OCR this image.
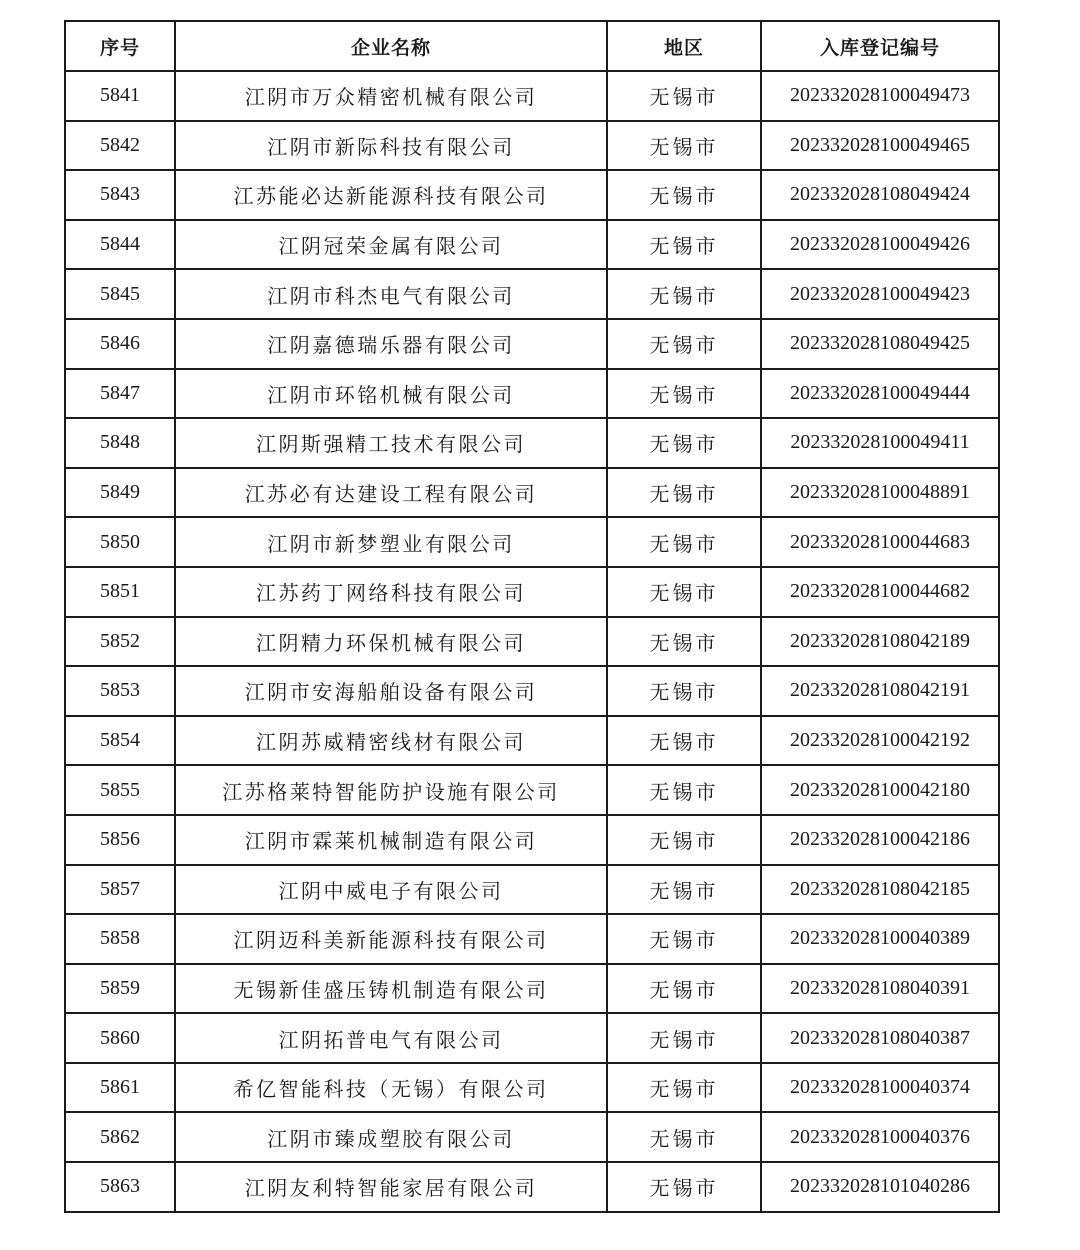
序号	企业名称	地区	入库登记编号
5841	江阴市万众精密机械有限公司	无锡市	202332028100049473
5842	江阴市新际科技有限公司	无锡市	202332028100049465
5843	江苏能必达新能源科技有限公司	无锡市	202332028108049424
5844	江阴冠荣金属有限公司	无锡市	202332028100049426
5845	江阴市科杰电气有限公司	无锡市	202332028100049423
5846	江阴嘉德瑞乐器有限公司	无锡市	202332028108049425
5847	江阴市环铭机械有限公司	无锡市	202332028100049444
5848	江阴斯强精工技术有限公司	无锡市	202332028100049411
5849	江苏必有达建设工程有限公司	无锡市	202332028100048891
5850	江阴市新梦塑业有限公司	无锡市	202332028100044683
5851	江苏药丁网络科技有限公司	无锡市	202332028100044682
5852	江阴精力环保机械有限公司	无锡市	202332028108042189
5853	江阴市安海船舶设备有限公司	无锡市	202332028108042191
5854	江阴苏威精密线材有限公司	无锡市	202332028100042192
5855	江苏格莱特智能防护设施有限公司	无锡市	202332028100042180
5856	江阴市霖莱机械制造有限公司	无锡市	202332028100042186
5857	江阴中威电子有限公司	无锡市	202332028108042185
5858	江阴迈科美新能源科技有限公司	无锡市	202332028100040389
5859	无锡新佳盛压铸机制造有限公司	无锡市	202332028108040391
5860	江阴拓普电气有限公司	无锡市	202332028108040387
5861	希亿智能科技（无锡）有限公司	无锡市	202332028100040374
5862	江阴市臻成塑胶有限公司	无锡市	202332028100040376
5863	江阴友利特智能家居有限公司	无锡市	202332028101040286
